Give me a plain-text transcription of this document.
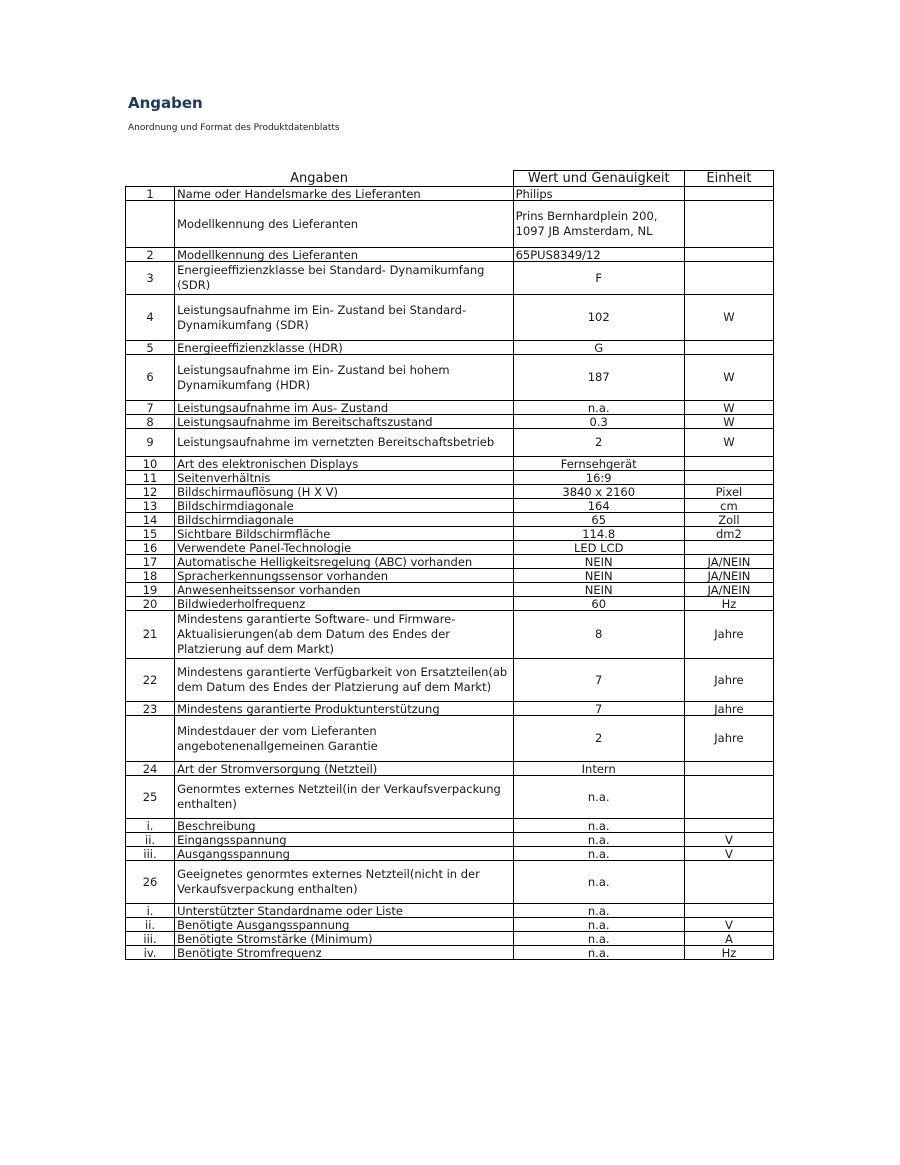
Angaben
Anordnung und Format des Produktdatenblatts
Angaben		Wert und Genauigkeit	Einheit
1	Name oder Handelsmarke des Lieferanten	Philips	
	Modellkennung des Lieferanten	Prins Bernhardplein 200,
1097 JB Amsterdam, NL	
2	Modellkennung des Lieferanten	65PUS8349/12	
3	Energieeffizienzklasse bei Standard- Dynamikumfang (SDR)	F	
4	Leistungsaufnahme im Ein- Zustand bei Standard-Dynamikumfang (SDR)	102	W
5	Energieeffizienzklasse (HDR)	G	
6	Leistungsaufnahme im Ein- Zustand bei hohem Dynamikumfang (HDR)	187	W
7	Leistungsaufnahme im Aus- Zustand	n.a.	W
8	Leistungsaufnahme im Bereitschaftszustand	0.3	W
9	Leistungsaufnahme im vernetzten Bereitschaftsbetrieb	2	W
10	Art des elektronischen Displays	Fernsehgerät	
11	Seitenverhältnis	16:9	
12	Bildschirmauflösung (H X V)	3840 x 2160	Pixel
13	Bildschirmdiagonale	164	cm
14	Bildschirmdiagonale	65	Zoll
15	Sichtbare Bildschirmfläche	114.8	dm2
16	Verwendete Panel-Technologie	LED LCD	
17	Automatische Helligkeitsregelung (ABC) vorhanden	NEIN	JA/NEIN
18	Spracherkennungssensor vorhanden	NEIN	JA/NEIN
19	Anwesenheitssensor vorhanden	NEIN	JA/NEIN
20	Bildwiederholfrequenz	60	Hz
21	Mindestens garantierte Software- und Firmware-Aktualisierungen(ab dem Datum des Endes der Platzierung auf dem Markt)	8	Jahre
22	Mindestens garantierte Verfügbarkeit von Ersatzteilen(ab dem Datum des Endes der Platzierung auf dem Markt)	7	Jahre
23	Mindestens garantierte Produktunterstützung	7	Jahre
	Mindestdauer der vom Lieferanten angebotenenallgemeinen Garantie	2	Jahre
24	Art der Stromversorgung (Netzteil)	Intern	
25	Genormtes externes Netzteil(in der Verkaufsverpackung enthalten)	n.a.	
i.	Beschreibung	n.a.	
ii.	Eingangsspannung	n.a.	V
iii.	Ausgangsspannung	n.a.	V
26	Geeignetes genormtes externes Netzteil(nicht in der Verkaufsverpackung enthalten)	n.a.	
i.	Unterstützter Standardname oder Liste	n.a.	
ii.	Benötigte Ausgangsspannung	n.a.	V
iii.	Benötigte Stromstärke (Minimum)	n.a.	A
iv.	Benötigte Stromfrequenz	n.a.	Hz
